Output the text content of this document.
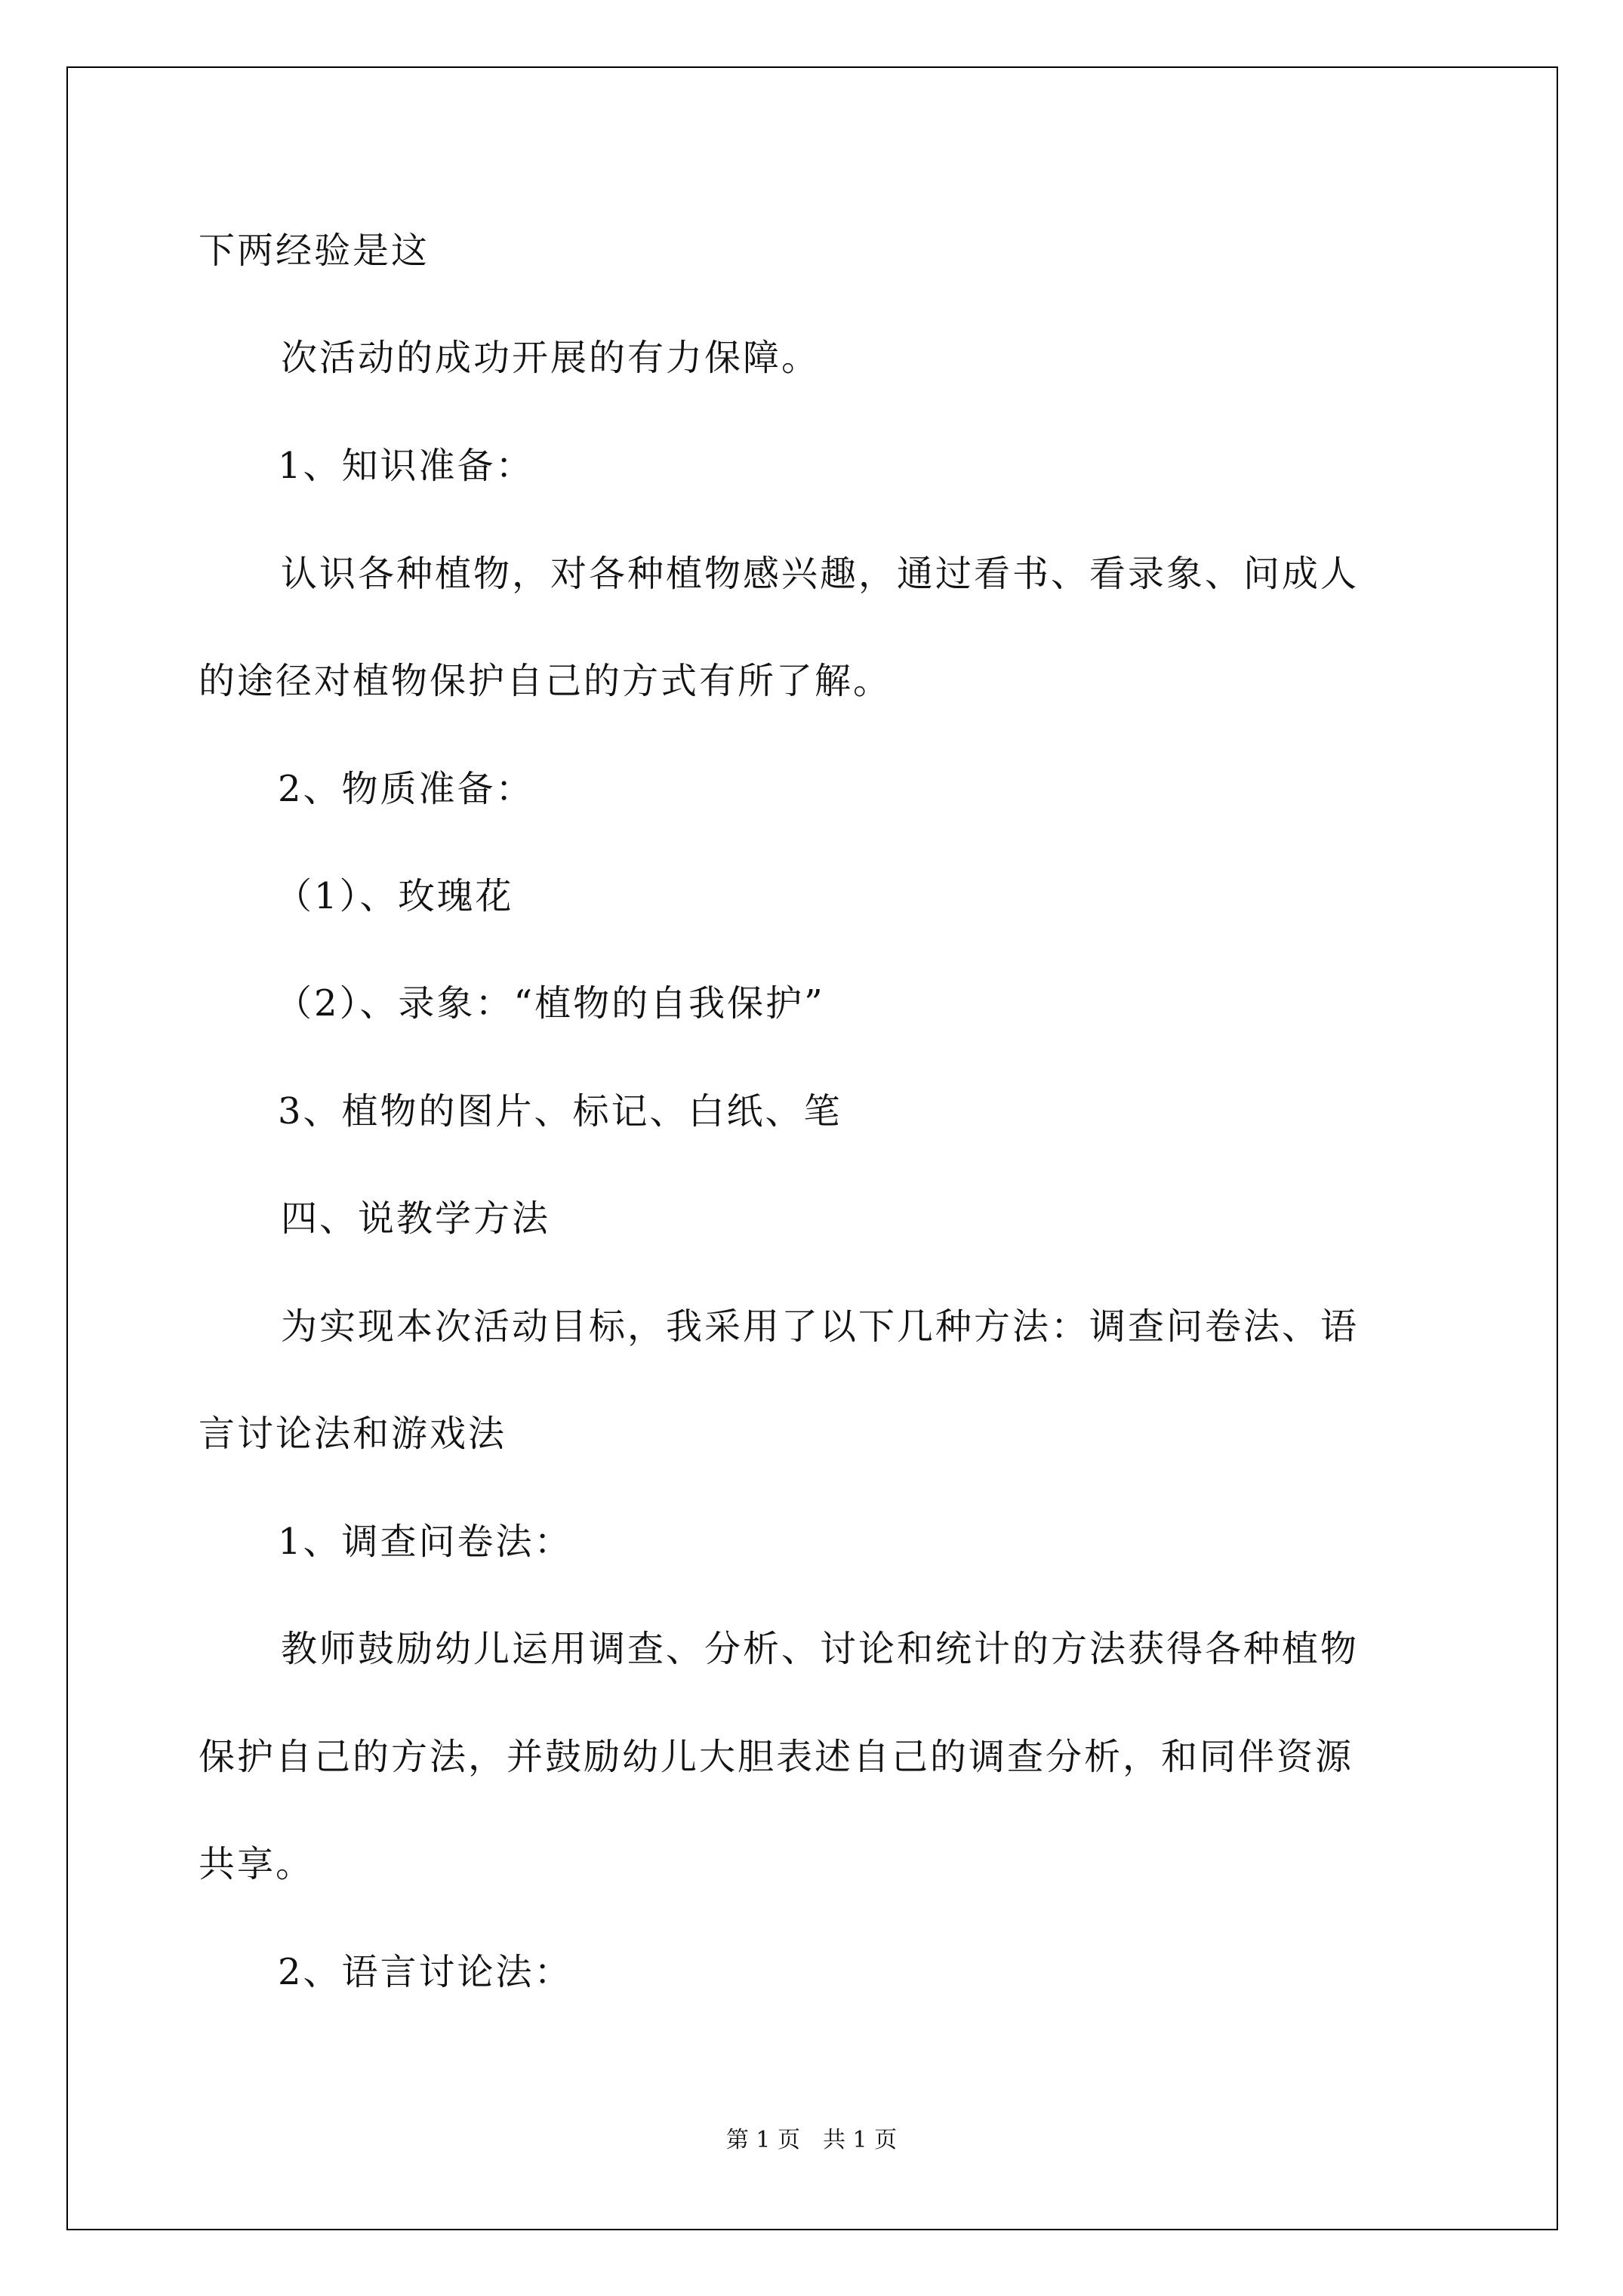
下两经验是这

次活动的成功开展的有力保障。

1、知识准备：

认识各种植物，对各种植物感兴趣，通过看书、看录象、问成人

的途径对植物保护自己的方式有所了解。

2、物质准备：

（1）、玫瑰花

（2）、录象：“植物的自我保护”

3、植物的图片、标记、白纸、笔

四、说教学方法

为实现本次活动目标，我采用了以下几种方法：调查问卷法、语

言讨论法和游戏法

1、调查问卷法：

教师鼓励幼儿运用调查、分析、讨论和统计的方法获得各种植物

保护自己的方法，并鼓励幼儿大胆表述自己的调查分析，和同伴资源

共享。

2、语言讨论法：

第 1 页　共 1 页
